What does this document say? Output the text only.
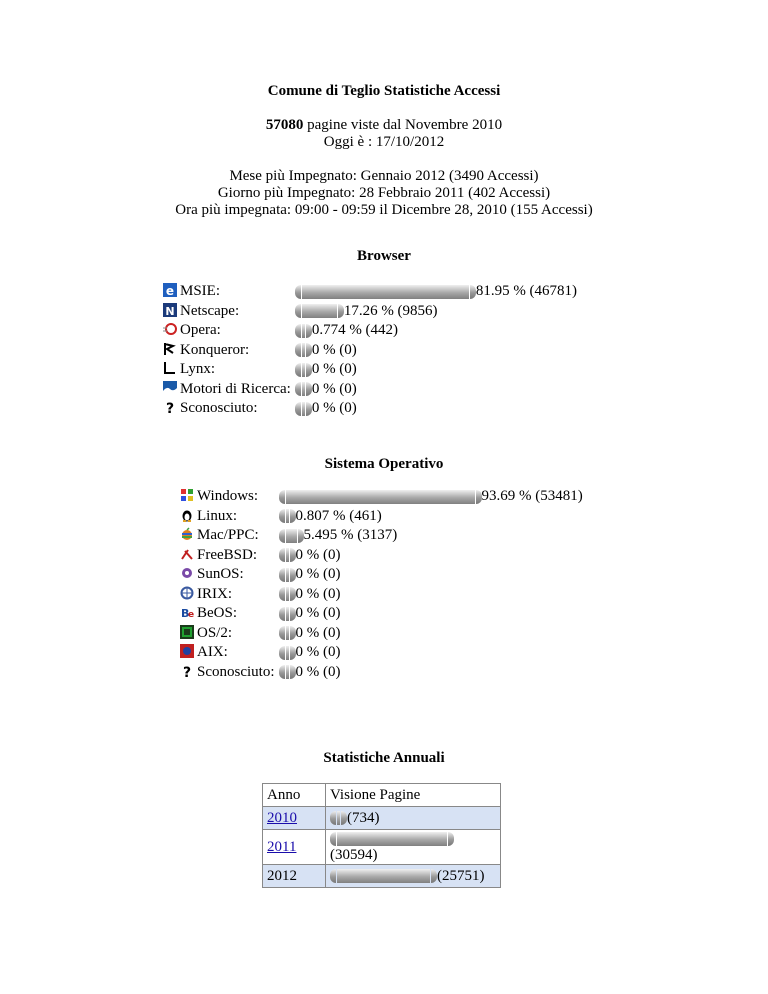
Comune di Teglio Statistiche Accessi
57080 pagine viste dal Novembre 2010
Oggi è : 17/10/2012
Mese più Impegnato: Gennaio 2012 (3490 Accessi)
Giorno più Impegnato: 28 Febbraio 2011 (402 Accessi)
Ora più impegnata: 09:00 - 09:59 il Dicembre 28, 2010 (155 Accessi)
Browser
e MSIE:	81.95 % (46781)

N Netscape:	17.26 % (9856)
Opera:	0.774 % (442)
Konqueror:	0 % (0)
Lynx:	0 % (0)
Motori di Ricerca:	0 % (0)

? Sconosciuto:	0 % (0)
Sistema Operativo
Windows:	93.69 % (53481)
Linux:	0.807 % (461)
Mac/PPC:	5.495 % (3137)
FreeBSD:	0 % (0)
SunOS:	0 % (0)
IRIX:	0 % (0)

B
e BeOS:	0 % (0)
OS/2:	0 % (0)
AIX:	0 % (0)

? Sconosciuto:	0 % (0)
Statistiche Annuali
Anno	Visione Pagine
2010	(734)
2011	(30594)
2012	(25751)
